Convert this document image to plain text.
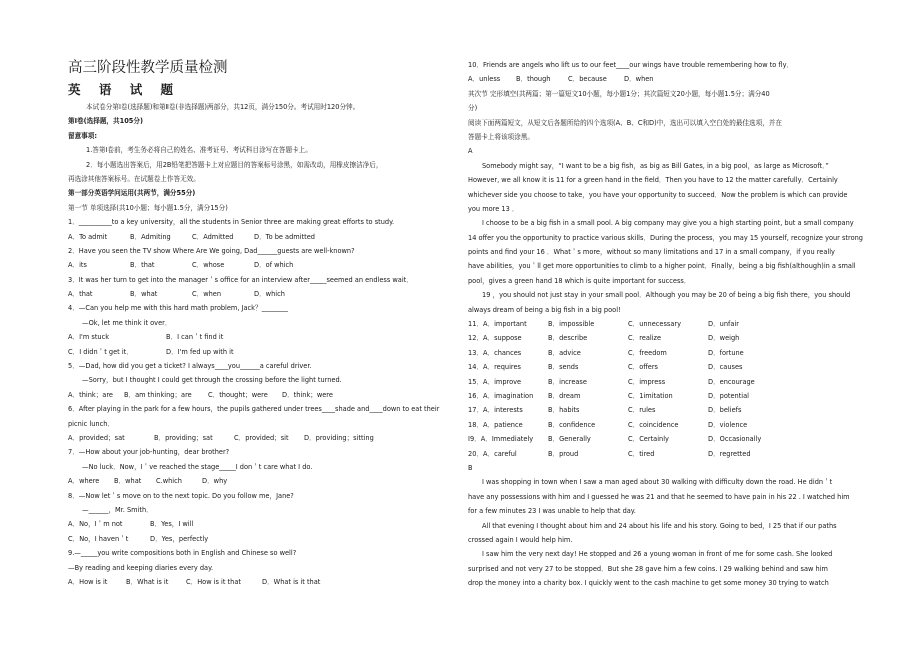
高三阶段性教学质量检测
英 语 试 题
本试卷分第Ⅰ卷(选择题)和第Ⅱ卷(非选择题)两部分，共12页，满分150分。考试用时120分钟。
第Ⅰ卷(选择题，共105分)
留意事项:
1.答第Ⅰ卷前，考生务必将自己的姓名、准考证号、考试科目涂写在答题卡上。
2．每小题选出答案后，用2B铅笔把答题卡上对应题目的答案标号涂黑，如需改动，用橡皮擦洁净后，
再选涂其他答案标号。在试题卷上作答无效。
第一部分英语学问运用(共两节，满分55分)
第一节 单项选择(共10小题；每小题1.5分，满分15分)
1．__________to a key university，all the students in Senior three are making great efforts to study.
A．To admit	B．Admiting	C．Admitted	D．To be admitted
2．Have you seen the TV show Where Are We going, Dad______guests are well-known?
A．its	B．that	C．whose	D．of which
3．It was her turn to get into the manager＇s office for an interview after_____seemed an endless wait．
A．that	B．what	C．when	D．which
4．—Can you help me with this hard math problem, Jack？________
—Ok, let me think it over．
A．I'm stuck	B．I can＇t find it
C．I didn＇t get it．	D．I'm fed up with it
5．—Dad, how did you get a ticket? I always____you______a careful driver.
—Sorry，but I thought I could get through the crossing before the light turned.
A．think；are	B．am thinking；are	C．thought；were	D．think；were
6．After playing in the park for a few hours，the pupils gathered under trees____shade and____down to eat their
picnic lunch．
A．provided；sat	B．providing；sat	C．provided；sit	D．providing；sitting
7．—How about your job-hunting，dear brother?
—No luck．Now，I＇ve reached the stage_____I don＇t care what I do.
A．where	B．what	C.which	D．why
8．—Now let＇s move on to the next topic. Do you follow me，Jane?
—______，Mr. Smith．
A．No，I＇m not	B．Yes，I will
C．No，I haven＇t	D．Yes，perfectly
9.—_____you write compositions both in English and Chinese so well?
—By reading and keeping diaries every day.
A．How is it	B．What is it	C．How is it that	D．What is it that
10．Friends are angels who lift us to our feet____our wings have trouble remembering how to fly．
A．unless	B．though	C．because	D．when
其次节 完形填空(共两篇；第一篇短文10小题，每小题1分；其次篇短文20小题，每小题1.5分；满分40
分)
阅读下面两篇短文，从短文后各题所给的四个选项(A、B、C和D)中，选出可以填入空白处的最佳选项，并在
答题卡上将该项涂黑。
A
Somebody might say，“I want to be a big fish，as big as Bill Gates, in a big pool，as large as Microsoft．”
However, we all know it is 11 for a green hand in the field．Then you have to 12 the matter carefully．Certainly
whichever side you choose to take，you have your opportunity to succeed．Now the problem is which can provide
you more 13 ．
I choose to be a big fish in a small pool. A big company may give you a high starting point, but a small company
14 offer you the opportunity to practice various skills．During the process，you may 15 yourself, recognize your strong
points and find your 16 ．What＇s more，without so many limitations and 17 in a small company，if you really
have abilities，you＇ll get more opportunities to climb to a higher point．Finally，being a big fish(although)in a small
pool，gives a green hand 18 which is quite important for success．
19 ，you should not just stay in your small pool．Although you may be 20 of being a big fish there，you should
always dream of being a big fish in a big pool!
11．A．important	B．impossible	C．unnecessary	D．unfair
12．A．suppose	B．describe	C．realize	D．weigh
13．A．chances	B．advice	C．freedom	D．fortune
14．A．requires	B．sends	C．offers	D．causes
15．A．improve	B．increase	C．impress	D．encourage
16．A．imagination	B．dream	C．1imitation	D．potential
17．A．interests	B．habits	C．rules	D．beliefs
18．A．patience	B．confidence	C．coincidence	D．violence
I9．A．Immediately	B．Generally	C．Certainly	D．Occasionally
20．A．careful	B．proud	C．tired	D．regretted
B
I was shopping in town when I saw a man aged about 30 walking with difficulty down the road. He didn＇t
have any possessions with him and I guessed he was 21 and that he seemed to have pain in his 22 . I watched him
for a few minutes 23 I was unable to help that day.
All that evening I thought about him and 24 about his life and his story. Going to bed，I 25 that if our paths
crossed again I would help him.
I saw him the very next day! He stopped and 26 a young woman in front of me for some cash. She looked
surprised and not very 27 to be stopped．But she 28 gave him a few coins. I 29 walking behind and saw him
drop the money into a charity box. I quickly went to the cash machine to get some money 30 trying to watch
